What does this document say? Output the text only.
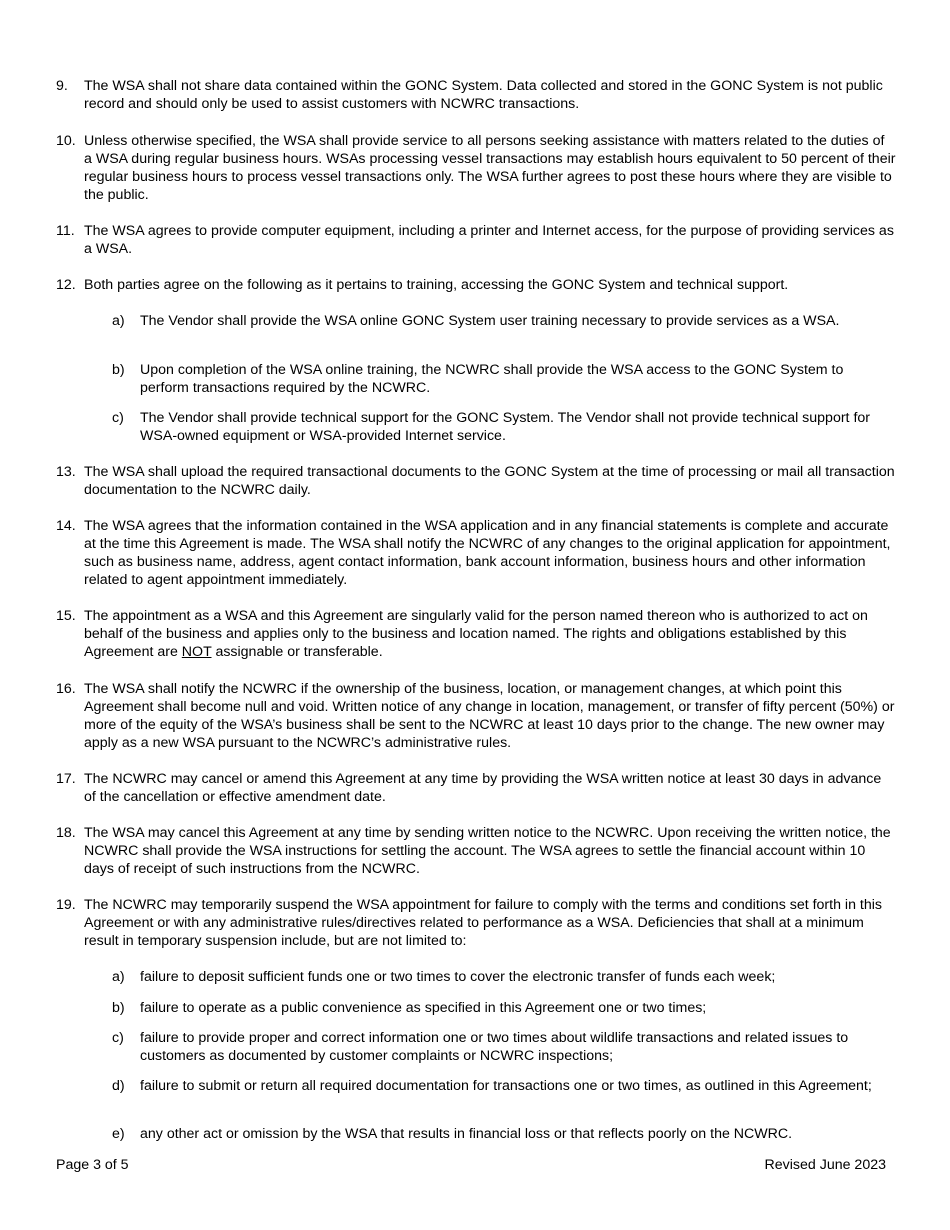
9.	The WSA shall not share data contained within the GONC System. Data collected and stored in the GONC System is not public record and should only be used to assist customers with NCWRC transactions.
10. Unless otherwise specified, the WSA shall provide service to all persons seeking assistance with matters related to the duties of a WSA during regular business hours. WSAs processing vessel transactions may establish hours equivalent to 50 percent of their regular business hours to process vessel transactions only. The WSA further agrees to post these hours where they are visible to the public.
11. The WSA agrees to provide computer equipment, including a printer and Internet access, for the purpose of providing services as a WSA.
12. Both parties agree on the following as it pertains to training, accessing the GONC System and technical support.
a)	The Vendor shall provide the WSA online GONC System user training necessary to provide services as a WSA.
b)	Upon completion of the WSA online training, the NCWRC shall provide the WSA access to the GONC System to perform transactions required by the NCWRC.
c)	The Vendor shall provide technical support for the GONC System. The Vendor shall not provide technical support for WSA-owned equipment or WSA-provided Internet service.
13. The WSA shall upload the required transactional documents to the GONC System at the time of processing or mail all transaction documentation to the NCWRC daily.
14. The WSA agrees that the information contained in the WSA application and in any financial statements is complete and accurate at the time this Agreement is made. The WSA shall notify the NCWRC of any changes to the original application for appointment, such as business name, address, agent contact information, bank account information, business hours and other information related to agent appointment immediately.
15. The appointment as a WSA and this Agreement are singularly valid for the person named thereon who is authorized to act on behalf of the business and applies only to the business and location named. The rights and obligations established by this Agreement are NOT assignable or transferable.
16. The WSA shall notify the NCWRC if the ownership of the business, location, or management changes, at which point this Agreement shall become null and void. Written notice of any change in location, management, or transfer of fifty percent (50%) or more of the equity of the WSA’s business shall be sent to the NCWRC at least 10 days prior to the change. The new owner may apply as a new WSA pursuant to the NCWRC’s administrative rules.
17. The NCWRC may cancel or amend this Agreement at any time by providing the WSA written notice at least 30 days in advance of the cancellation or effective amendment date.
18. The WSA may cancel this Agreement at any time by sending written notice to the NCWRC. Upon receiving the written notice, the NCWRC shall provide the WSA instructions for settling the account. The WSA agrees to settle the financial account within 10 days of receipt of such instructions from the NCWRC.
19. The NCWRC may temporarily suspend the WSA appointment for failure to comply with the terms and conditions set forth in this Agreement or with any administrative rules/directives related to performance as a WSA. Deficiencies that shall at a minimum result in temporary suspension include, but are not limited to:
a)	failure to deposit sufficient funds one or two times to cover the electronic transfer of funds each week;
b)	failure to operate as a public convenience as specified in this Agreement one or two times;
c)	failure to provide proper and correct information one or two times about wildlife transactions and related issues to customers as documented by customer complaints or NCWRC inspections;
d)	failure to submit or return all required documentation for transactions one or two times, as outlined in this Agreement;
e)	any other act or omission by the WSA that results in financial loss or that reflects poorly on the NCWRC.
Page 3 of 5	Revised June 2023
